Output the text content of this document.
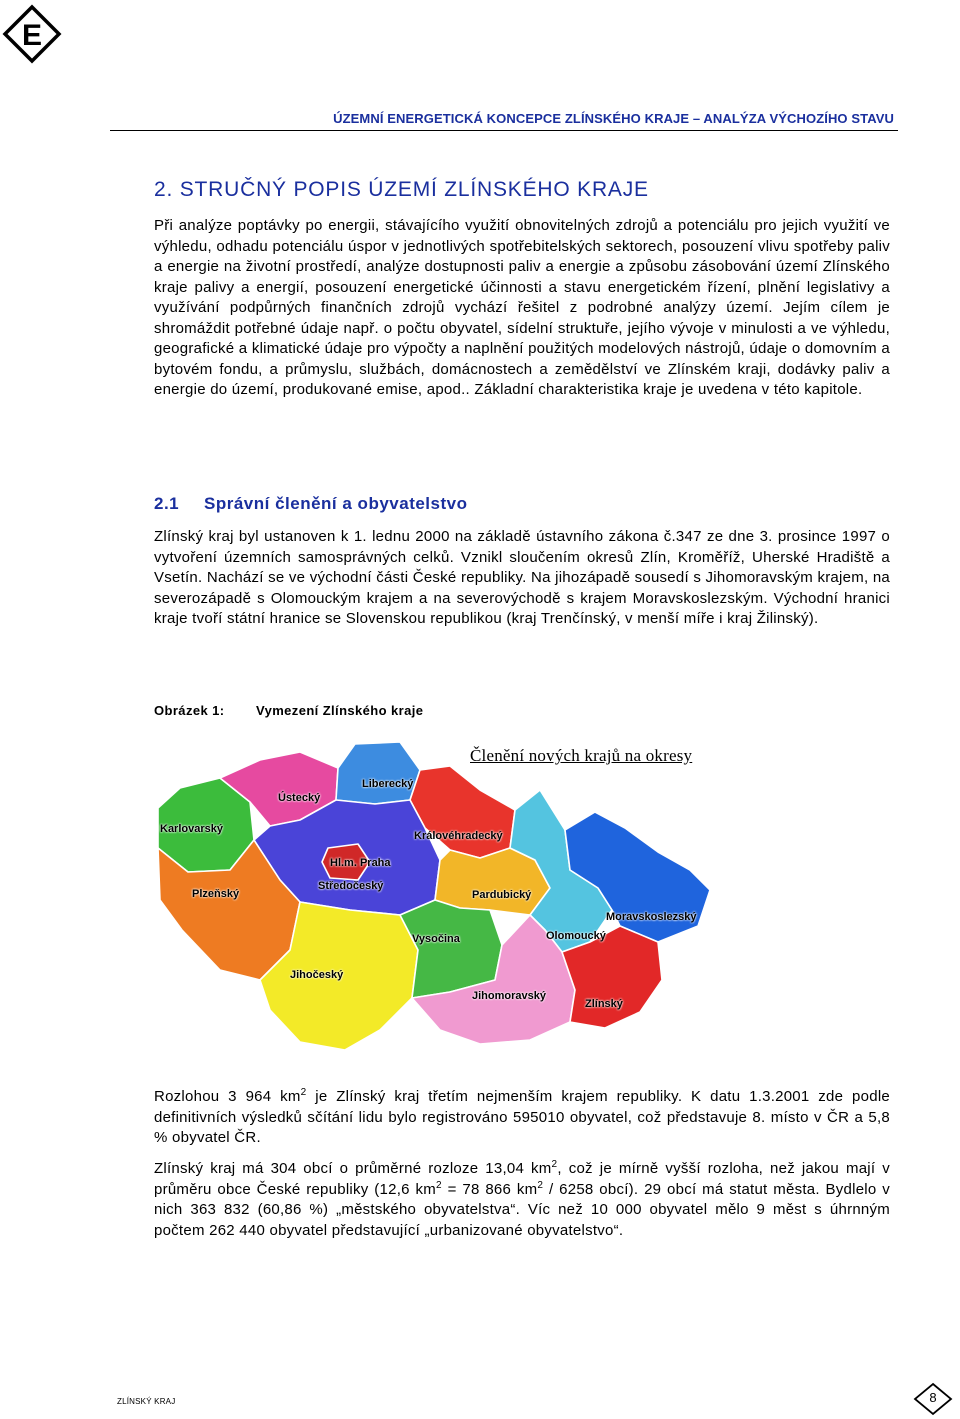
E
ÚZEMNÍ ENERGETICKÁ KONCEPCE ZLÍNSKÉHO KRAJE – ANALÝZA VÝCHOZÍHO STAVU
2. STRUČNÝ POPIS ÚZEMÍ ZLÍNSKÉHO KRAJE
Při analýze poptávky po energii, stávajícího využití obnovitelných zdrojů a potenciálu pro jejich využití ve výhledu, odhadu potenciálu úspor v jednotlivých spotřebitelských sektorech, posouzení vlivu spotřeby paliv a energie na životní prostředí, analýze dostupnosti paliv a energie a způsobu zásobování území Zlínského kraje palivy a energií, posouzení energetické účinnosti a stavu energetickém řízení, plnění legislativy a využívání podpůrných finančních zdrojů vychází řešitel z podrobné analýzy území. Jejím cílem je shromáždit potřebné údaje např. o počtu obyvatel, sídelní struktuře, jejího vývoje v minulosti a ve výhledu, geografické a klimatické údaje pro výpočty a naplnění použitých modelových nástrojů, údaje o domovním a bytovém fondu, a průmyslu, službách, domácnostech a zemědělství ve Zlínském kraji, dodávky paliv a energie do území, produkované emise, apod.. Základní charakteristika kraje je uvedena v této kapitole.
2.1 Správní členění a obyvatelstvo
Zlínský kraj byl ustanoven k 1. lednu 2000 na základě ústavního zákona č.347 ze dne 3. prosince 1997 o vytvoření územních samosprávných celků. Vznikl sloučením okresů Zlín, Kroměříž, Uherské Hradiště a Vsetín. Nachází se ve východní části České republiky. Na jihozápadě sousedí s Jihomoravským krajem, na severozápadě s Olomouckým krajem a na severovýchodě s krajem Moravskoslezským. Východní hranici kraje tvoří státní hranice se Slovenskou republikou (kraj Trenčínský, v menší míře i kraj Žilinský).
Obrázek 1: Vymezení Zlínského kraje
Členění nových krajů na okresy
Ústecký
Liberecký
Karlovarský
Královéhradecký
Hl.m. Praha
Středočeský
Plzeňský	Pardubický
Moravskoslezský
Olomoucký
Vysočina
Jihočeský
Jihomoravský
Zlínský
Rozlohou 3 964 $km^2$ je Zlínský kraj třetím nejmenším krajem republiky. K datu 1.3.2001 zde podle definitivních výsledků sčítání lidu bylo registrováno 595010 obyvatel, což představuje 8. místo v ČR a 5,8 % obyvatel ČR.
Zlínský kraj má 304 obcí o průměrné rozloze 13,04 $km^2$, což je mírně vyšší rozloha, než jakou mají v průměru obce České republiky (12,6 $km^2 = 78$ 866 $km^2 / 6258$ obcí). 29 obcí má statut města. Bydlelo v nich 363 832 (60,86 %) „městského obyvatelstva“. Víc než 10 000 obyvatel mělo 9 měst s úhrnným počtem 262 440 obyvatel představující „urbanizované obyvatelstvo“.
ZLÍNSKÝ KRAJ	8
